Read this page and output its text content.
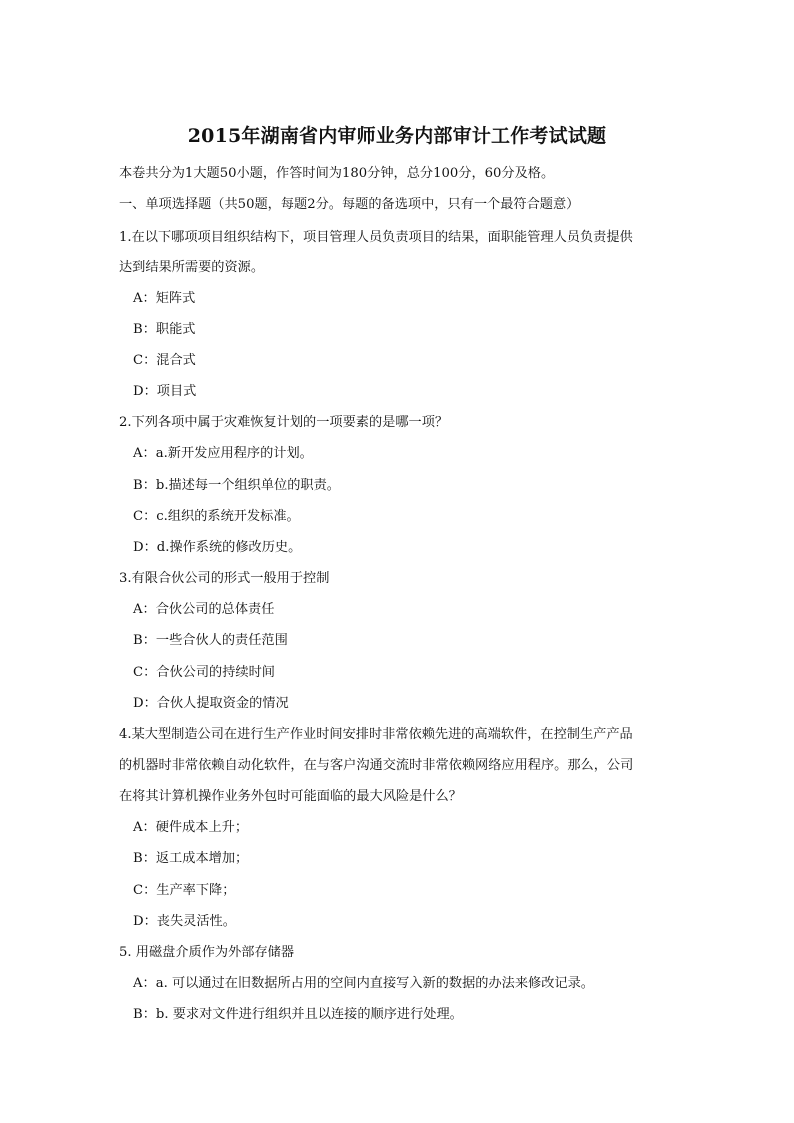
2015年湖南省内审师业务内部审计工作考试试题
本卷共分为1大题50小题，作答时间为180分钟，总分100分，60分及格。
一、单项选择题（共50题，每题2分。每题的备选项中，只有一个最符合题意）
1.在以下哪项项目组织结构下，项目管理人员负责项目的结果，面职能管理人员负责提供
达到结果所需要的资源。
A：矩阵式
B：职能式
C：混合式
D：项目式
2.下列各项中属于灾难恢复计划的一项要素的是哪一项？
A：a.新开发应用程序的计划。
B：b.描述每一个组织单位的职责。
C：c.组织的系统开发标准。
D：d.操作系统的修改历史。
3.有限合伙公司的形式一般用于控制
A：合伙公司的总体责任
B：一些合伙人的责任范围
C：合伙公司的持续时间
D：合伙人提取资金的情况
4.某大型制造公司在进行生产作业时间安排时非常依赖先进的高端软件，在控制生产产品
的机器时非常依赖自动化软件，在与客户沟通交流时非常依赖网络应用程序。那么，公司
在将其计算机操作业务外包时可能面临的最大风险是什么？
A：硬件成本上升；
B：返工成本增加；
C：生产率下降；
D：丧失灵活性。
5. 用磁盘介质作为外部存储器
A：a. 可以通过在旧数据所占用的空间内直接写入新的数据的办法来修改记录。
B：b. 要求对文件进行组织并且以连接的顺序进行处理。
